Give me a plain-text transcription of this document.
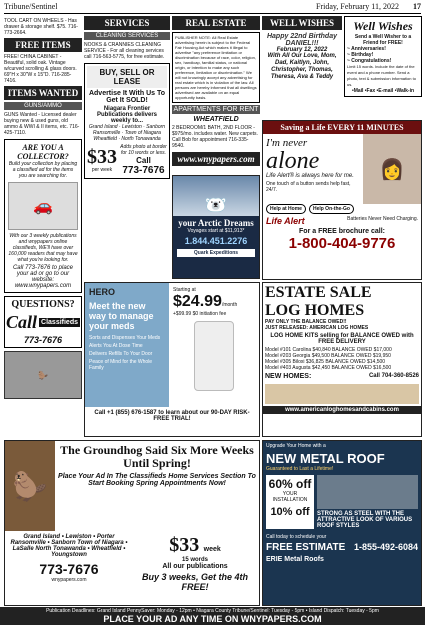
Tribune/Sentinel	Friday, February 11, 2022 17
TOOL CART ON WHEELS - Has drawer & storage shelf. $75. 716-773-2664.
FREE ITEMS
FREE! CHINA CABINET - Beautiful, solid oak. Vintage w/curved scrolling & glass doors. 69"H x 30"W x 15"D. 716-285-7416.
ITEMS WANTED
GUNS/AMMO
GUNS Wanted - Licensed dealer buying new & used guns, old ammo & WWI & II items, etc. 716-425-7110.
ARE YOU A COLLECTOR?
Build your collection by placing a classified ad for the items you are searching for.
🚗
With our 3 weekly publications and wnypapers online classifieds, WE'll have over 160,000 readers that may have what you're looking for.
Call 773-7676 to place your ad or go to our website: www.wnypapers.com
QUESTIONS?
Call Classifieds
773-7676
🦫
SERVICES
CLEANING SERVICES
NOOKS & CRANNIES CLEANING SERVICE - For all cleaning services call 716-563-5775, for free estimate.
BUY, SELL OR LEASE
Advertise It With Us To Get It SOLD!
Niagara Frontier Publications delivers weekly to...
Grand Island · Lewiston · Sanborn Ransomville · Town of Niagara Wheatfield · North Tonawanda
$33
per week
Adds photo at border for 10 words or less.
Call
773-7676
REAL ESTATE
PUBLISHER NOTE: All Real Estate advertising herein is subject to the Federal Fair Housing Act which makes it illegal to advertise "any preference limitation or discrimination because of race, color, religion, sex, handicap, familial status, or national origin, or intention to make any such preference, limitation or discrimination." We will not knowingly accept any advertising for real estate which is in violation of the law. All persons are hereby informed that all dwellings advertised are available on an equal opportunity basis.
APARTMENTS FOR RENT
WHEATFIELD
2 BEDROOM/1 BATH, 2ND FLOOR - $975/mo. includes water. New carpets. Call Bob for appointment 716-335-9540.
www.wnypapers.com
WELL WISHES
Happy 22nd Birthday DANIEL!!!
February 12, 2022
With All Our Love, Mom, Dad, Kaitlyn, John, Christopher, Thomas, Theresa, Ava & Teddy
Well Wishes
Send a Well Wisher to a Friend for FREE!
~ Anniversaries!
~ Birthday!
~ Congratulations!
Limit 15 words. Include the date of the event and a phone number. Send a photo, text & submission information to us.
•Mail •Fax •E-mail •Walk-in
🐻‍❄️
your Arctic Dreams
Voyages start at $11,913*
1.844.451.2276
Quark Expeditions
Saving a Life EVERY 11 MINUTES
I'm never
alone
Life Alert® is always here for me.
One touch of a button sends help fast, 24/7.
👩
Help at Home	Help On-the-Go
Life Alert	Batteries Never Need Charging.
For a FREE brochure call:
1-800-404-9776
HERO
Meet the new way to manage your meds
Sorts and Dispenses Your Meds
Alerts You At Dose Time
Delivers Refills To Your Door
Peace of Mind for the Whole Family
Starting at
$24.99 /month
+$99.99 $0 initiation fee
Call +1 (855) 676-1587 to learn about our 90-DAY RISK-FREE TRIAL!
ESTATE SALE
LOG HOMES
PAY ONLY THE BALANCE OWED!!
JUST RELEASED: AMERICAN LOG HOMES
LOG HOME KITS selling for BALANCE OWED with FREE DELIVERY
Model #101 Carolina $40,840 BALANCE OWED $17,000
Model #203 Georgia $49,500 BALANCE OWED $19,950
Model #305 Biloxi $36,825 BALANCE OWED $14,500
Model #403 Augusta $42,450 BALANCE OWED $16,500
NEW HOMES:	Call 704-360-8526
www.americanloghomesandcabins.com
🦫
The Groundhog Said Six More Weeks Until Spring!
Place Your Ad In The Classifieds Home Services Section To Start Booking Spring Appointments Now!
Grand Island • Lewiston • Porter Ransomville • Sanborn Town of Niagara • LaSalle North Tonawanda • Wheatfield • Youngstown
773-7676
wnypapers.com
$33 week
15 words
All our publications
Buy 3 weeks, Get the 4th FREE!
Upgrade Your Home with a
NEW METAL ROOF
Guaranteed to Last a Lifetime!
60% off
YOUR INSTALLATION
10% off	STRONG AS STEEL WITH THE ATTRACTIVE LOOK OF VARIOUS ROOF STYLES
Call today to schedule your
FREE ESTIMATE 1-855-492-6084
ERIE Metal Roofs
Publication Deadlines: Grand Island PennySaver: Monday - 12pm • Niagara County Tribune/Sentinel: Tuesday - 5pm • Island Dispatch: Tuesday - 5pm
PLACE YOUR AD ANY TIME ON WNYPAPERS.COM
